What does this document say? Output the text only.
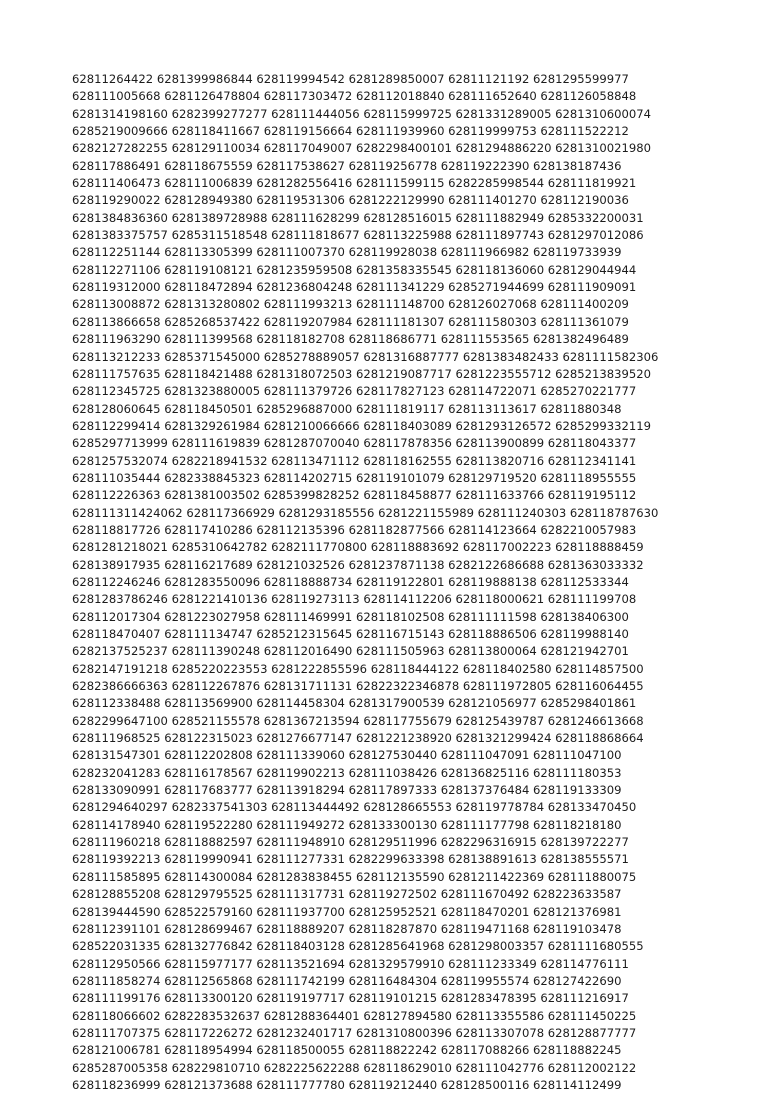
62811264422 6281399986844 628119994542 6281289850007 62811121192 6281295599977
628111005668 6281126478804 628117303472 628112018840 628111652640 6281126058848
6281314198160 6282399277277 628111444056 628115999725 6281331289005 6281310600074
6285219009666 628118411667 628119156664 628111939960 628119999753 628111522212
6282127282255 628129110034 628117049007 6282298400101 6281294886220 6281310021980
628117886491 628118675559 628117538627 628119256778 628119222390 628138187436
628111406473 628111006839 6281282556416 628111599115 6282285998544 628111819921
628119290022 628128949380 628119531306 6281222129990 628111401270 628112190036
6281384836360 6281389728988 628111628299 628128516015 628111882949 6285332200031
6281383375757 6285311518548 628111818677 628113225988 628111897743 6281297012086
628112251144 628113305399 628111007370 628119928038 628111966982 628119733939
628112271106 628119108121 6281235959508 6281358335545 628118136060 628129044944
628119312000 628118472894 6281236804248 628111341229 6285271944699 628111909091
628113008872 6281313280802 628111993213 628111148700 628126027068 628111400209
628113866658 6285268537422 628119207984 628111181307 628111580303 628111361079
628111963290 628111399568 628118182708 628118686771 628111553565 6281382496489
628113212233 6285371545000 6285278889057 6281316887777 6281383482433 6281111582306
628111757635 628118421488 6281318072503 6281219087717 6281223555712 6285213839520
628112345725 6281323880005 628111379726 628117827123 628114722071 6285270221777
628128060645 628118450501 6285296887000 628111819117 628113113617 62811880348
628112299414 6281329261984 6281210066666 628118403089 6281293126572 6285299332119
6285297713999 628111619839 6281287070040 628117878356 628113900899 628118043377
6281257532074 6282218941532 628113471112 628118162555 628113820716 628112341141
628111035444 6282338845323 628114202715 628119101079 628129719520 6281118955555
628112226363 6281381003502 6285399828252 628118458877 628111633766 628119195112
628111311424062 628117366929 6281293185556 6281221155989 628111240303 628118787630
628118817726 628117410286 628112135396 6281182877566 628114123664 6282210057983
6281281218021 6285310642782 6282111770800 628118883692 628117002223 628118888459
628138917935 628116217689 628121032526 6281237871138 6282122686688 6281363033332
628112246246 6281283550096 628118888734 628119122801 628119888138 628112533344
6281283786246 6281221410136 628119273113 628114112206 628118000621 628111199708
628112017304 6281223027958 628111469991 628118102508 628111111598 628138406300
628118470407 628111134747 6285212315645 628116715143 628118886506 628119988140
6282137525237 628111390248 628112016490 628111505963 628113800064 628121942701
6282147191218 6285220223553 6281222855596 628118444122 628118402580 628114857500
6282386666363 628112267876 628131711131 62822322346878 628111972805 628116064455
628112338488 628113569900 628114458304 6281317900539 628121056977 6285298401861
6282299647100 628521155578 6281367213594 628117755679 628125439787 6281246613668
628111968525 628122315023 6281276677147 6281221238920 6281321299424 628118868664
628131547301 628112202808 628111339060 628127530440 628111047091 628111047100
628232041283 628116178567 628119902213 628111038426 628136825116 628111180353
628133090991 628117683777 628113918294 628117897333 628137376484 628119133309
6281294640297 6282337541303 628113444492 628128665553 628119778784 628133470450
628114178940 628119522280 628111949272 628133300130 628111177798 628118218180
628111960218 628118882597 628111948910 628129511996 6282296316915 628139722277
628119392213 628119990941 628111277331 6282299633398 628138891613 628138555571
628111585895 628114300084 6281283838455 628112135590 6281211422369 628111880075
628128855208 628129795525 628111317731 628119272502 628111670492 628223633587
628139444590 628522579160 628111937700 628125952521 628118470201 628121376981
628112391101 628128699467 628118889207 628118287870 628119471168 628119103478
628522031335 628132776842 628118403128 6281285641968 6281298003357 6281111680555
628112950566 628115977177 628113521694 6281329579910 628111233349 628114776111
628111858274 628112565868 628111742199 628116484304 628119955574 628127422690
628111199176 628113300120 628119197717 628119101215 6281283478395 628111216917
628118066602 6282283532637 6281288364401 628127894580 628113355586 628111450225
628111707375 628117226272 6281232401717 6281310800396 628113307078 628128877777
628121006781 628118954994 628118500055 628118822242 628117088266 628118882245
6285287005358 628229810710 6282225622288 628118629010 628111042776 628112002122
628118236999 628121373688 628111777780 628119212440 628128500116 628114112499
